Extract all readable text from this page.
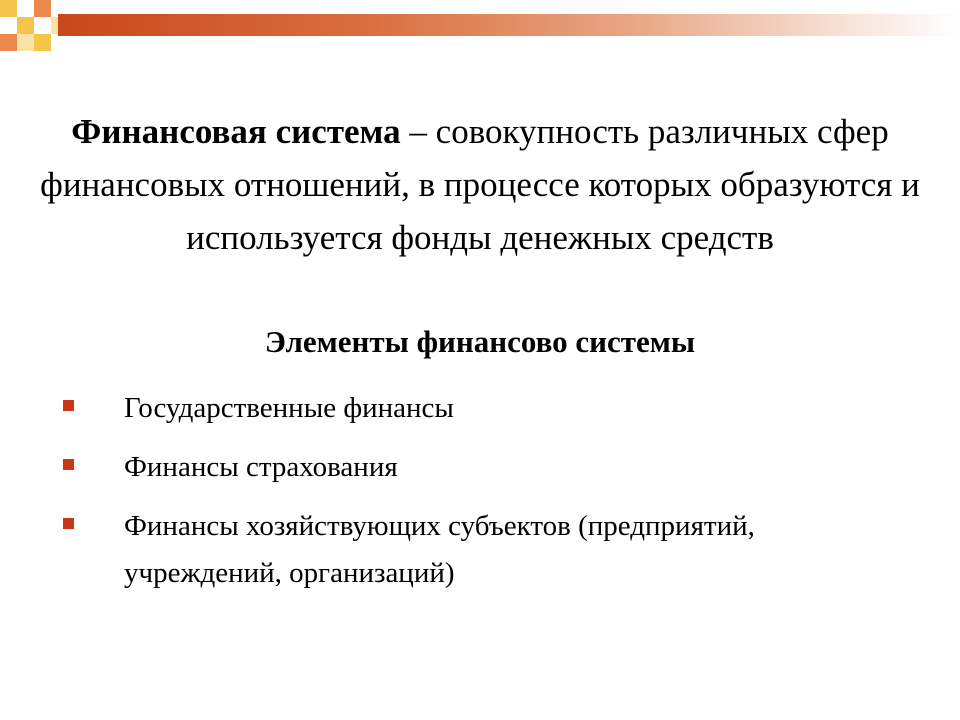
Финансовая система – совокупность различных сфер финансовых отношений, в процессе которых образуются и используется фонды денежных средств

Элементы финансово системы
Государственные финансы
Финансы страхования
Финансы хозяйствующих субъектов (предприятий, учреждений, организаций)
